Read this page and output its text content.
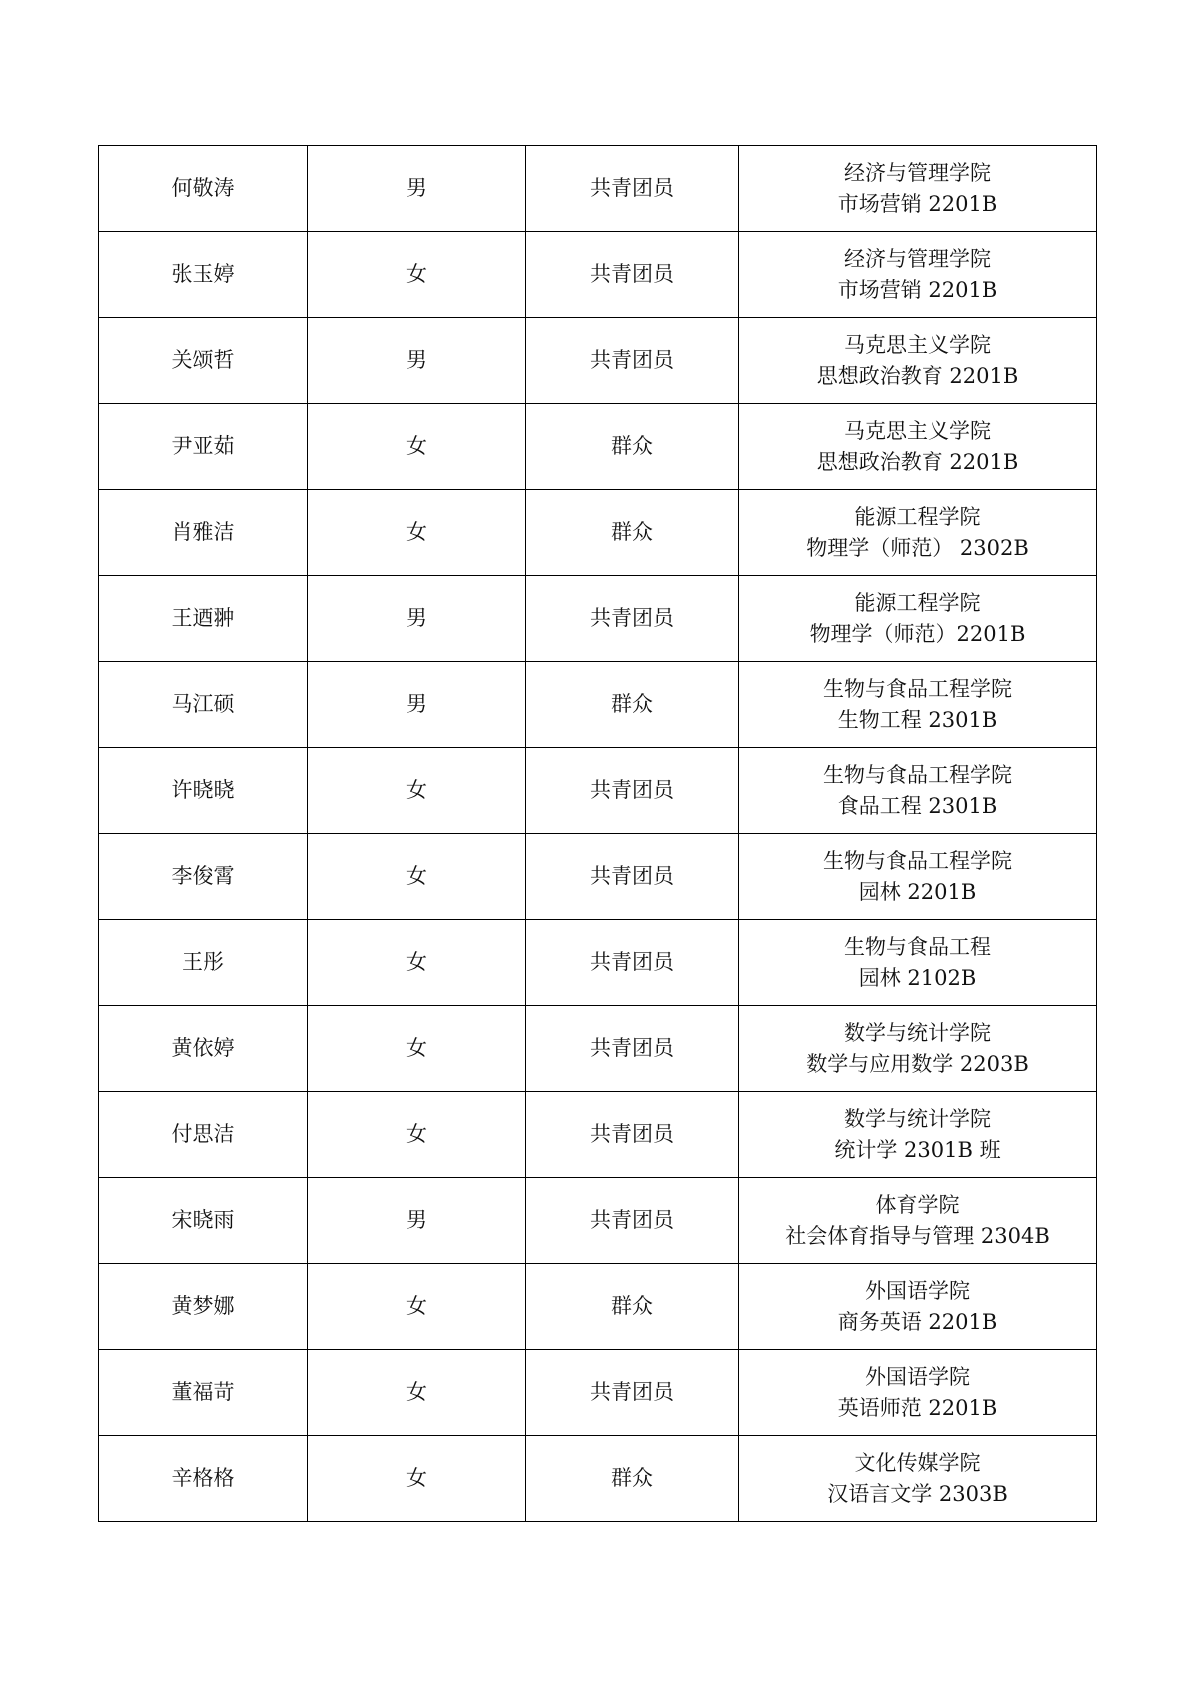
何敬涛	男	共青团员	经济与管理学院
市场营销 2201B

张玉婷	女	共青团员	经济与管理学院
市场营销 2201B

关颂哲	男	共青团员	马克思主义学院
思想政治教育 2201B

尹亚茹	女	群众	马克思主义学院
思想政治教育 2201B

肖雅洁	女	群众	能源工程学院
物理学（师范） 2302B

王迺翀	男	共青团员	能源工程学院
物理学（师范）2201B

马江硕	男	群众	生物与食品工程学院
生物工程 2301B

许晓晓	女	共青团员	生物与食品工程学院
食品工程 2301B

李俊霄	女	共青团员	生物与食品工程学院
园林 2201B

王彤	女	共青团员	生物与食品工程
园林 2102B

黄依婷	女	共青团员	数学与统计学院
数学与应用数学 2203B

付思洁	女	共青团员	数学与统计学院
统计学 2301B 班

宋晓雨	男	共青团员	体育学院
社会体育指导与管理 2304B

黄梦娜	女	群众	外国语学院
商务英语 2201B

董福苛	女	共青团员	外国语学院
英语师范 2201B

辛格格	女	群众	文化传媒学院
汉语言文学 2303B
